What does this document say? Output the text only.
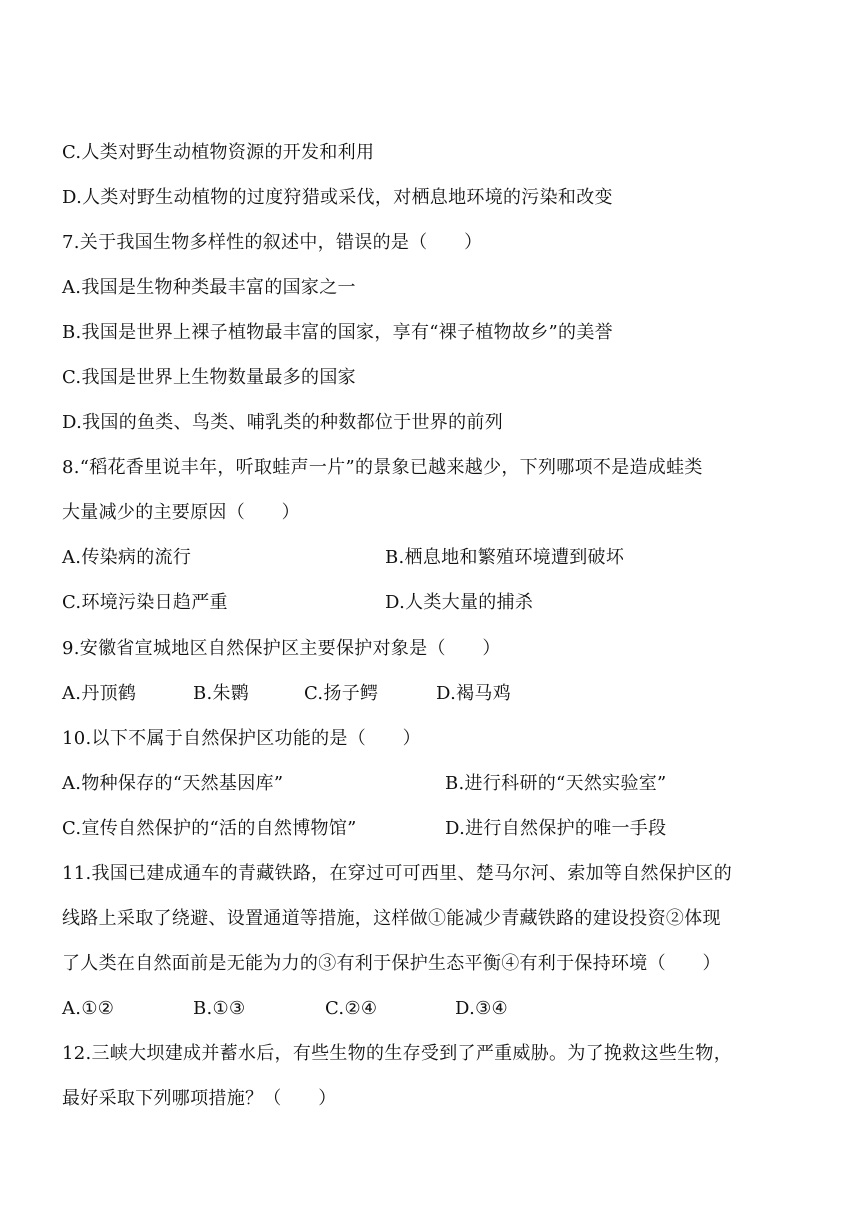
C.人类对野生动植物资源的开发和利用
D.人类对野生动植物的过度狩猎或采伐，对栖息地环境的污染和改变
7.关于我国生物多样性的叙述中，错误的是（　　）
A.我国是生物种类最丰富的国家之一
B.我国是世界上裸子植物最丰富的国家，享有“裸子植物故乡”的美誉
C.我国是世界上生物数量最多的国家
D.我国的鱼类、鸟类、哺乳类的种数都位于世界的前列
8.“稻花香里说丰年，听取蛙声一片”的景象已越来越少，下列哪项不是造成蛙类
大量减少的主要原因（　　）
A.传染病的流行	B.栖息地和繁殖环境遭到破坏
C.环境污染日趋严重	D.人类大量的捕杀
9.安徽省宣城地区自然保护区主要保护对象是（　　）
A.丹顶鹤	B.朱鹮	C.扬子鳄	D.褐马鸡
10.以下不属于自然保护区功能的是（　　）
A.物种保存的“天然基因库”	B.进行科研的“天然实验室”
C.宣传自然保护的“活的自然博物馆”	D.进行自然保护的唯一手段
11.我国已建成通车的青藏铁路，在穿过可可西里、楚马尔河、索加等自然保护区的
线路上采取了绕避、设置通道等措施，这样做①能减少青藏铁路的建设投资②体现
了人类在自然面前是无能为力的③有利于保护生态平衡④有利于保持环境（　　）
A.①②	B.①③	C.②④	D.③④
12.三峡大坝建成并蓄水后，有些生物的生存受到了严重威胁。为了挽救这些生物，
最好采取下列哪项措施？（　　）
